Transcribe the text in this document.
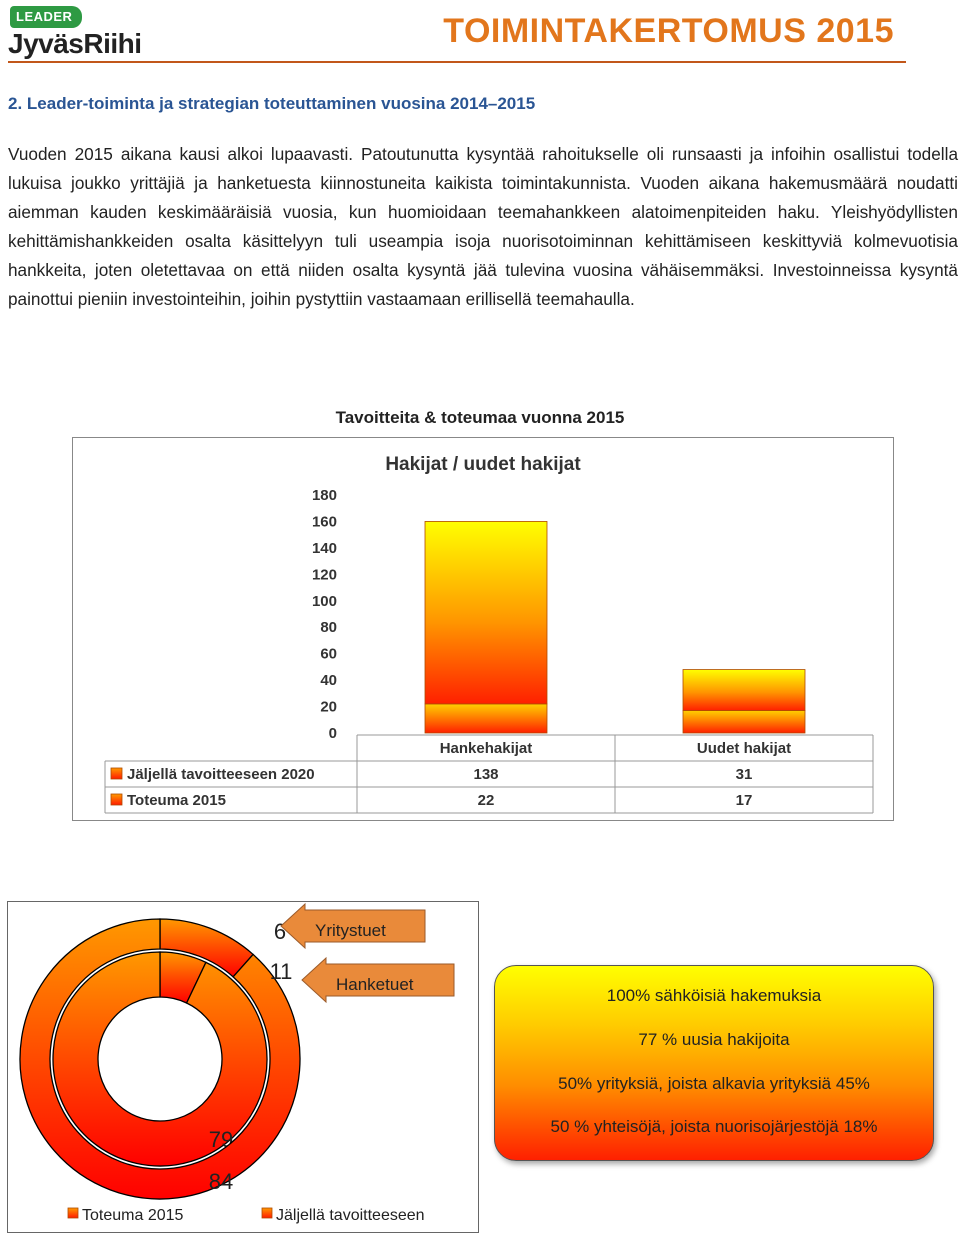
LEADER
JyväsRiihi	TOIMINTAKERTOMUS 2015
2. Leader-toiminta ja strategian toteuttaminen vuosina 2014–2015

Vuoden 2015 aikana kausi alkoi lupaavasti. Patoutunutta kysyntää rahoitukselle oli runsaasti ja infoihin osallistui todella lukuisa joukko yrittäjiä ja hanketuesta kiinnostuneita kaikista toimintakunnista. Vuoden aikana hakemusmäärä noudatti aiemman kauden keskimääräisiä vuosia, kun huomioidaan teemahankkeen alatoimenpiteiden haku. Yleishyödyllisten kehittämishankkeiden osalta käsittelyyn tuli useampia isoja nuorisotoiminnan kehittämiseen keskittyviä kolmevuotisia hankkeita, joten oletettavaa on että niiden osalta kysyntä jää tulevina vuosina vähäisemmäksi. Investoinneissa kysyntä painottui pieniin investointeihin, joihin pystyttiin vastaamaan erillisellä teemahaulla.

Tavoitteita & toteumaa vuonna 2015
Hakijat / uudet hakijat
0
20
40
60
80
100
120
140
160
180
Hankehakijat	Uudet hakijat
Jäljellä tavoitteeseen 2020	138	31
Toteuma 2015	22	17
6
79
11
84
Yritystuet
Hanketuet
Toteuma 2015	Jäljellä tavoitteeseen
100% sähköisiä hakemuksia
77 % uusia hakijoita
50% yrityksiä, joista alkavia yrityksiä 45%
50 % yhteisöjä, joista nuorisojärjestöjä 18%
